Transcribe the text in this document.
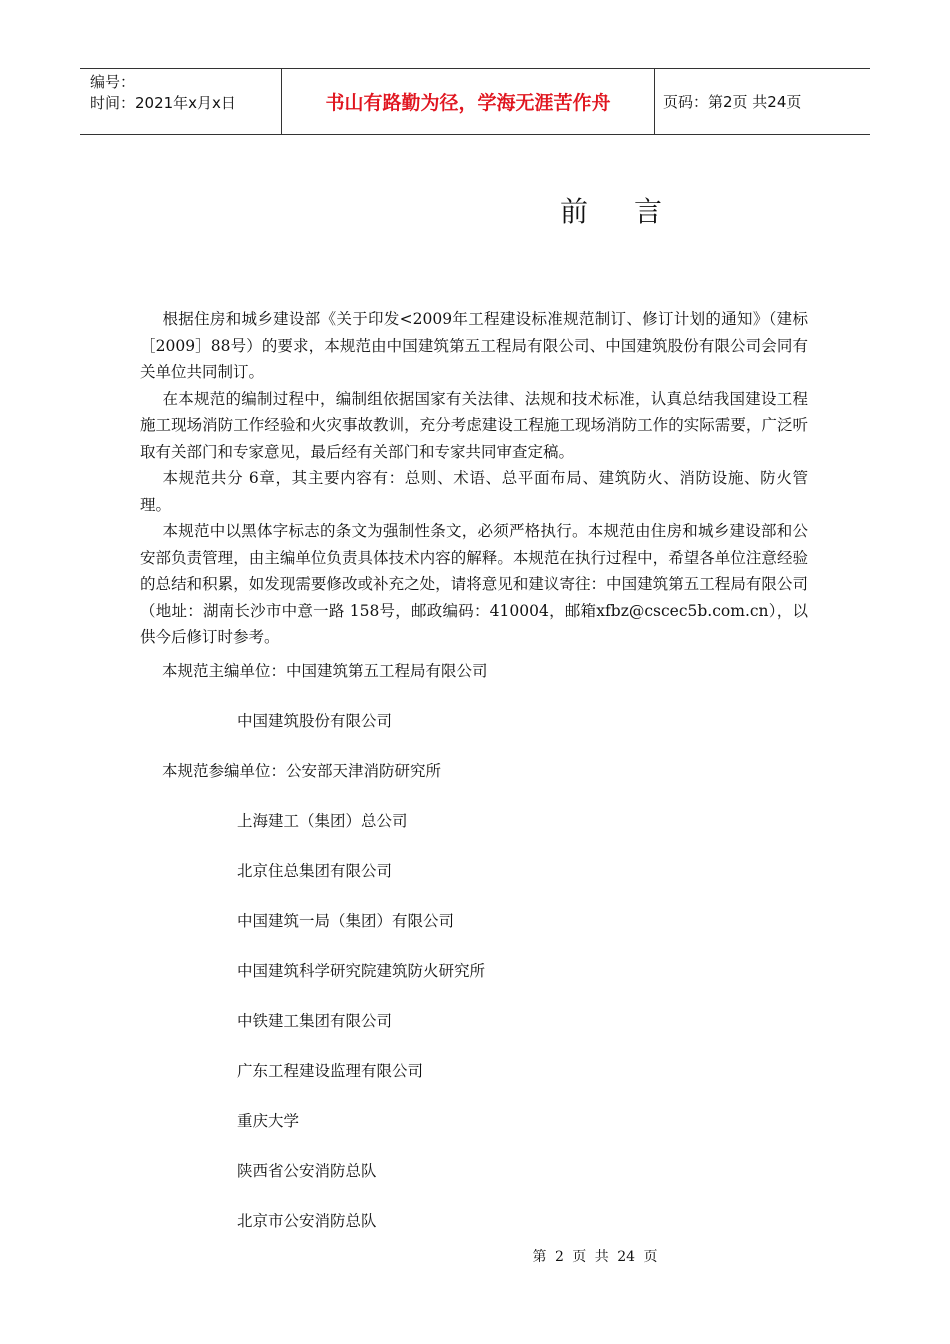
编号：
时间：2021年x月x日	书山有路勤为径，学海无涯苦作舟	页码：第2页 共24页
前言

根据住房和城乡建设部《关于印发<2009年工程建设标准规范制订、修订计划的通知》（建标［2009］88号）的要求，本规范由中国建筑第五工程局有限公司、中国建筑股份有限公司会同有关单位共同制订。

在本规范的编制过程中，编制组依据国家有关法律、法规和技术标准，认真总结我国建设工程施工现场消防工作经验和火灾事故教训，充分考虑建设工程施工现场消防工作的实际需要，广泛听取有关部门和专家意见，最后经有关部门和专家共同审查定稿。

本规范共分 6章，其主要内容有：总则、术语、总平面布局、建筑防火、消防设施、防火管理。

本规范中以黑体字标志的条文为强制性条文，必须严格执行。本规范由住房和城乡建设部和公安部负责管理，由主编单位负责具体技术内容的解释。本规范在执行过程中，希望各单位注意经验的总结和积累，如发现需要修改或补充之处，请将意见和建议寄往：中国建筑第五工程局有限公司（地址：湖南长沙市中意一路 158号，邮政编码：410004，邮箱xfbz@cscec5b.com.cn），以供今后修订时参考。

本规范主编单位：中国建筑第五工程局有限公司
中国建筑股份有限公司
本规范参编单位：公安部天津消防研究所
上海建工（集团）总公司
北京住总集团有限公司
中国建筑一局（集团）有限公司
中国建筑科学研究院建筑防火研究所
中铁建工集团有限公司
广东工程建设监理有限公司
重庆大学
陕西省公安消防总队
北京市公安消防总队
第 2 页 共 24 页
